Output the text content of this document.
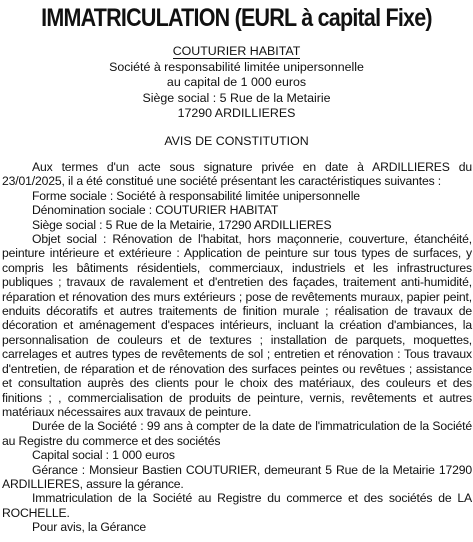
IMMATRICULATION (EURL à capital Fixe)
COUTURIER HABITAT
Société à responsabilité limitée unipersonnelle
au capital de 1 000 euros
Siège social : 5 Rue de la Metairie
17290 ARDILLIERES
AVIS DE CONSTITUTION

Aux termes d'un acte sous signature privée en date à ARDILLIERES du 23/01/2025, il a été constitué une société présentant les caractéristiques suivantes :

Forme sociale : Société à responsabilité limitée unipersonnelle

Dénomination sociale : COUTURIER HABITAT

Siège social : 5 Rue de la Metairie, 17290 ARDILLIERES

Objet social : Rénovation de l'habitat, hors maçonnerie, couverture, étanchéité, peinture intérieure et extérieure : Application de peinture sur tous types de surfaces, y compris les bâtiments résidentiels, commerciaux, industriels et les infrastructures publiques ; travaux de ravalement et d'entretien des façades, traitement anti-humidité, réparation et rénovation des murs extérieurs ; pose de revêtements muraux, papier peint, enduits décoratifs et autres traitements de finition murale ; réalisation de travaux de décoration et aménagement d'espaces intérieurs, incluant la création d'ambiances, la personnalisation de couleurs et de textures ; installation de parquets, moquettes, carrelages et autres types de revêtements de sol ; entretien et rénovation : Tous travaux d'entretien, de réparation et de rénovation des surfaces peintes ou revêtues ; assistance et consultation auprès des clients pour le choix des matériaux, des couleurs et des finitions ; , commercialisation de produits de peinture, vernis, revêtements et autres matériaux nécessaires aux travaux de peinture.

Durée de la Société : 99 ans à compter de la date de l'immatriculation de la Société au Registre du commerce et des sociétés

Capital social : 1 000 euros

Gérance : Monsieur Bastien COUTURIER, demeurant 5 Rue de la Metairie 17290 ARDILLIERES, assure la gérance.

Immatriculation de la Société au Registre du commerce et des sociétés de LA ROCHELLE.

Pour avis, la Gérance
